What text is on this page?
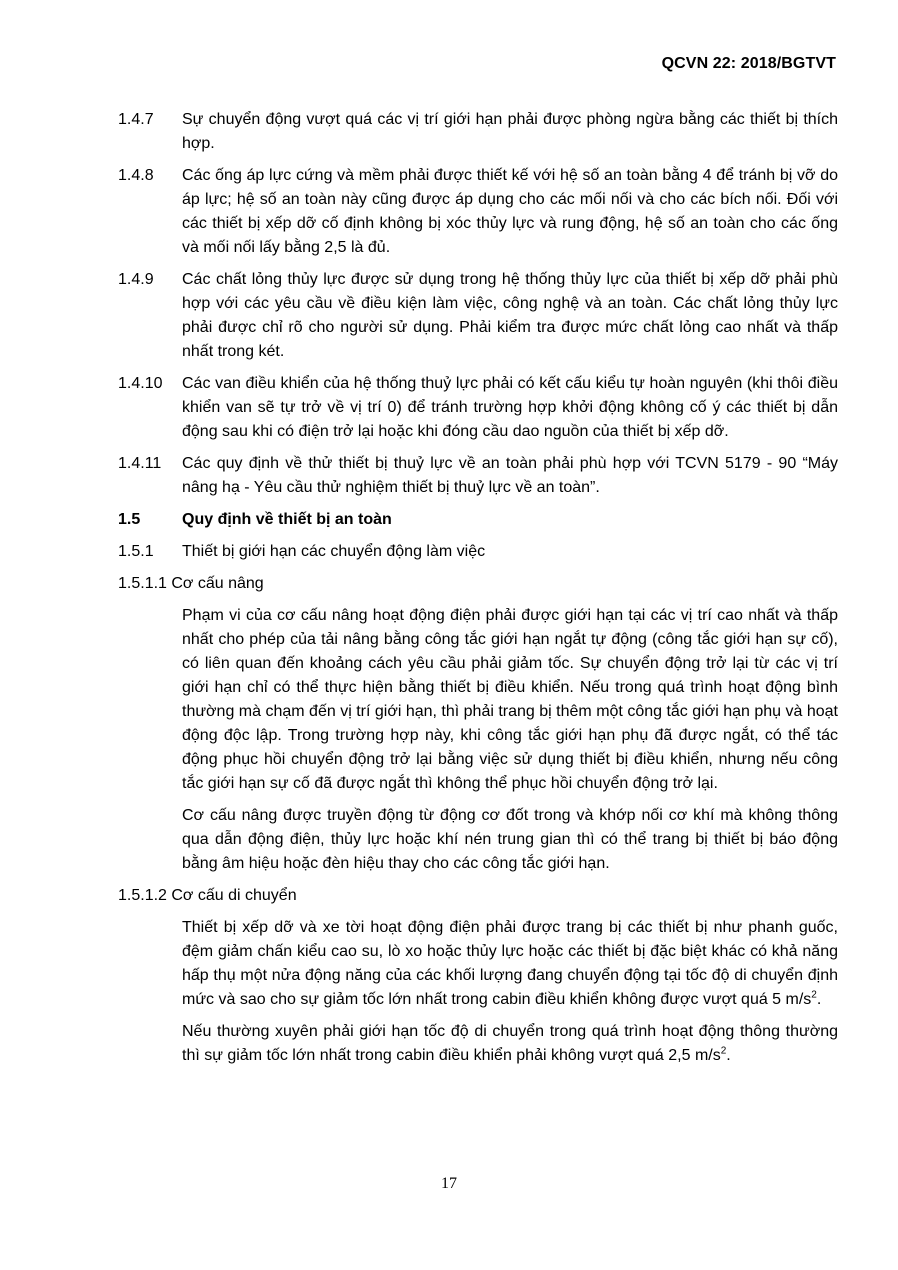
QCVN 22: 2018/BGTVT
1.4.7	Sự chuyển động vượt quá các vị trí giới hạn phải được phòng ngừa bằng các thiết bị thích hợp.
1.4.8	Các ống áp lực cứng và mềm phải được thiết kế với hệ số an toàn bằng 4 để tránh bị vỡ do áp lực; hệ số an toàn này cũng được áp dụng cho các mối nối và cho các bích nối. Đối với các thiết bị xếp dỡ cố định không bị xóc thủy lực và rung động, hệ số an toàn cho các ống và mối nối lấy bằng 2,5 là đủ.
1.4.9	Các chất lỏng thủy lực được sử dụng trong hệ thống thủy lực của thiết bị xếp dỡ phải phù hợp với các yêu cầu về điều kiện làm việc, công nghệ và an toàn. Các chất lỏng thủy lực phải được chỉ rõ cho người sử dụng. Phải kiểm tra được mức chất lỏng cao nhất và thấp nhất trong két.
1.4.10	Các van điều khiển của hệ thống thuỷ lực phải có kết cấu kiểu tự hoàn nguyên (khi thôi điều khiển van sẽ tự trở về vị trí 0) để tránh trường hợp khởi động không cố ý các thiết bị dẫn động sau khi có điện trở lại hoặc khi đóng cầu dao nguồn của thiết bị xếp dỡ.
1.4.11	Các quy định về thử thiết bị thuỷ lực về an toàn phải phù hợp với TCVN 5179 - 90 “Máy nâng hạ - Yêu cầu thử nghiệm thiết bị thuỷ lực về an toàn”.
1.5	Quy định về thiết bị an toàn
1.5.1	Thiết bị giới hạn các chuyển động làm việc
1.5.1.1 Cơ cấu nâng
Phạm vi của cơ cấu nâng hoạt động điện phải được giới hạn tại các vị trí cao nhất và thấp nhất cho phép của tải nâng bằng công tắc giới hạn ngắt tự động (công tắc giới hạn sự cố), có liên quan đến khoảng cách yêu cầu phải giảm tốc. Sự chuyển động trở lại từ các vị trí giới hạn chỉ có thể thực hiện bằng thiết bị điều khiển. Nếu trong quá trình hoạt động bình thường mà chạm đến vị trí giới hạn, thì phải trang bị thêm một công tắc giới hạn phụ và hoạt động độc lập. Trong trường hợp này, khi công tắc giới hạn phụ đã được ngắt, có thể tác động phục hồi chuyển động trở lại bằng việc sử dụng thiết bị điều khiển, nhưng nếu công tắc giới hạn sự cố đã được ngắt thì không thể phục hồi chuyển động trở lại.
Cơ cấu nâng được truyền động từ động cơ đốt trong và khớp nối cơ khí mà không thông qua dẫn động điện, thủy lực hoặc khí nén trung gian thì có thể trang bị thiết bị báo động bằng âm hiệu hoặc đèn hiệu thay cho các công tắc giới hạn.
1.5.1.2 Cơ cấu di chuyển
Thiết bị xếp dỡ và xe tời hoạt động điện phải được trang bị các thiết bị như phanh guốc, đệm giảm chấn kiểu cao su, lò xo hoặc thủy lực hoặc các thiết bị đặc biệt khác có khả năng hấp thụ một nửa động năng của các khối lượng đang chuyển động tại tốc độ di chuyển định mức và sao cho sự giảm tốc lớn nhất trong cabin điều khiển không được vượt quá 5 $m/s^2$.
Nếu thường xuyên phải giới hạn tốc độ di chuyển trong quá trình hoạt động thông thường thì sự giảm tốc lớn nhất trong cabin điều khiển phải không vượt quá 2,5 $m/s^2$.
17
